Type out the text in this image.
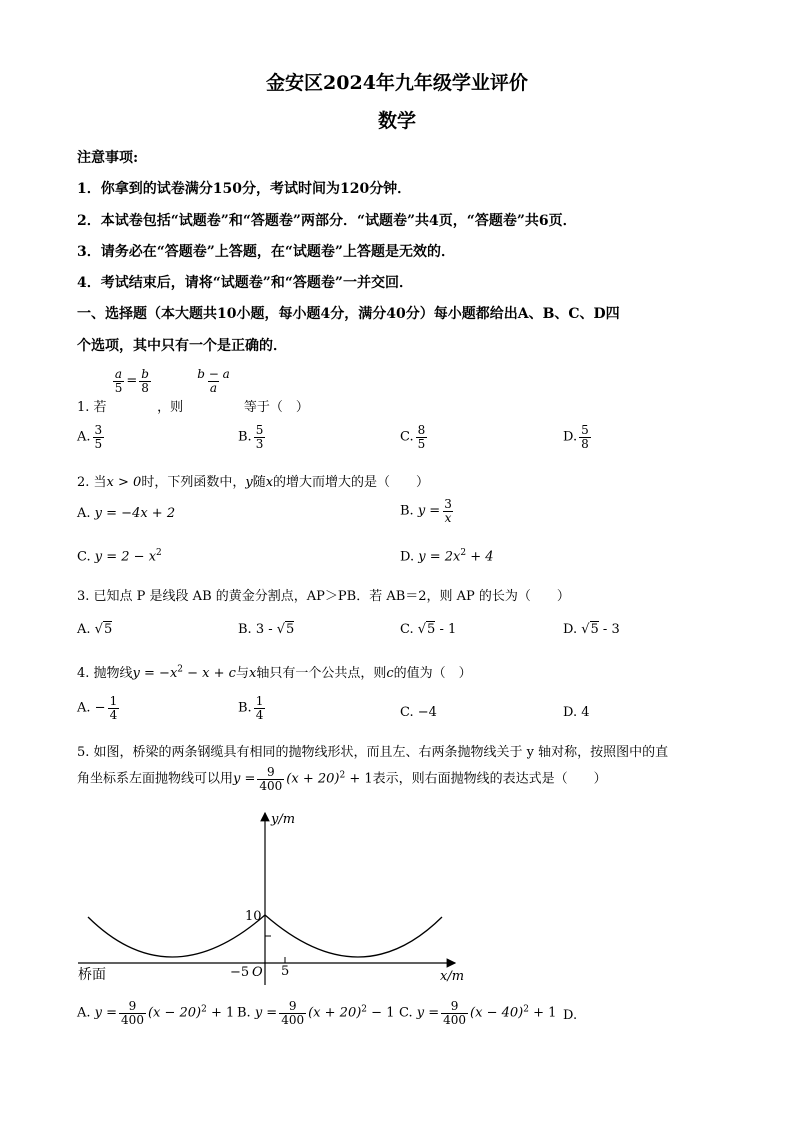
金安区2024年九年级学业评价
数学
注意事项:
1．你拿到的试卷满分150分，考试时间为120分钟．
2．本试卷包括“试题卷”和“答题卷”两部分．“试题卷”共4页，“答题卷”共6页．
3．请务必在“答题卷”上答题，在“试题卷”上答题是无效的．
4．考试结束后，请将“试题卷”和“答题卷”一并交回．
一、选择题（本大题共10小题，每小题4分，满分40分）每小题都给出A、B、C、D四
个选项，其中只有一个是正确的．
1. 若
$\frac{a}{5} = \frac{b}{8}$
，则
$\frac{b - a}{a}$
等于（　）
A. $\frac{3}{5}$	B. $\frac{5}{3}$	C. $\frac{8}{5}$	D. $\frac{5}{8}$
2. 当x > 0时，下列函数中，y随x的增大而增大的是（　　）
A. y = −4x + 2	B. $y = \frac{3}{x}$
C. $y = 2 - x^2$	D. $y = 2x^2 + 4$
3. 已知点 P 是线段 AB 的黄金分割点，AP＞PB．若 AB＝2，则 AP 的长为（　　）
A. √5	B. 3 - √5	C. √5 - 1	D. √5 - 3
4. 抛物线$y = -x^2 - x + c$与x轴只有一个公共点，则c的值为（　）
A. − $\frac{1}{4}$	B. $\frac{1}{4}$	C. −4	D. 4
5. 如图，桥梁的两条钢缆具有相同的抛物线形状，而且左、右两条抛物线关于 y 轴对称，按照图中的直
角坐标系左面抛物线可以用$y = \frac{9}{400} (x + 20)^2 + 1$表示，则右面抛物线的表达式是（　　）
y/m
x/m
桥面
10
−5 O 5
A. $y = \frac{9}{400} (x - 20)^2 + 1$ B. $y = \frac{9}{400} (x + 20)^2 - 1$ C. $y = \frac{9}{400} (x - 40)^2 + 1$ D.
